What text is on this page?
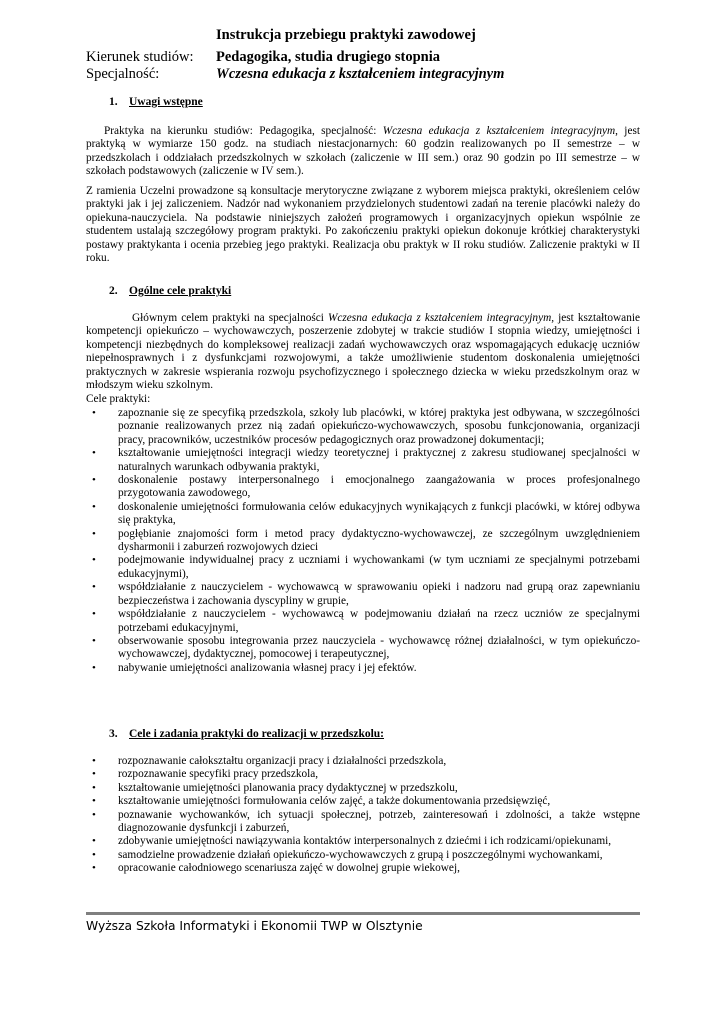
Instrukcja przebiegu praktyki zawodowej
Kierunek studiów: Pedagogika, studia drugiego stopnia
Specjalność:	Wczesna edukacja z kształceniem integracyjnym
1. Uwagi wstępne
Praktyka na kierunku studiów: Pedagogika, specjalność: Wczesna edukacja z kształceniem integracyjnym, jest praktyką w wymiarze 150 godz. na studiach niestacjonarnych: 60 godzin realizowanych po II semestrze – w przedszkolach i oddziałach przedszkolnych w szkołach (zaliczenie w III sem.) oraz 90 godzin po III semestrze – w szkołach podstawowych (zaliczenie w IV sem.).
Z ramienia Uczelni prowadzone są konsultacje merytoryczne związane z wyborem miejsca praktyki, określeniem celów praktyki jak i jej zaliczeniem. Nadzór nad wykonaniem przydzielonych studentowi zadań na terenie placówki należy do opiekuna-nauczyciela. Na podstawie niniejszych założeń programowych i organizacyjnych opiekun wspólnie ze studentem ustalają szczegółowy program praktyki. Po zakończeniu praktyki opiekun dokonuje krótkiej charakterystyki postawy praktykanta i ocenia przebieg jego praktyki. Realizacja obu praktyk w II roku studiów. Zaliczenie praktyki w II roku.
2. Ogólne cele praktyki
Głównym celem praktyki na specjalności Wczesna edukacja z kształceniem integracyjnym, jest kształtowanie kompetencji opiekuńczo – wychowawczych, poszerzenie zdobytej w trakcie studiów I stopnia wiedzy, umiejętności i kompetencji niezbędnych do kompleksowej realizacji zadań wychowawczych oraz wspomagających edukację uczniów niepełnosprawnych i z dysfunkcjami rozwojowymi, a także umożliwienie studentom doskonalenia umiejętności praktycznych w zakresie wspierania rozwoju psychofizycznego i społecznego dziecka w wieku przedszkolnym oraz w młodszym wieku szkolnym.
Cele praktyki:
• zapoznanie się ze specyfiką przedszkola, szkoły lub placówki, w której praktyka jest odbywana, w szczególności poznanie realizowanych przez nią zadań opiekuńczo-wychowawczych, sposobu funkcjonowania, organizacji pracy, pracowników, uczestników procesów pedagogicznych oraz prowadzonej dokumentacji;
• kształtowanie umiejętności integracji wiedzy teoretycznej i praktycznej z zakresu studiowanej specjalności w naturalnych warunkach odbywania praktyki,
• doskonalenie postawy interpersonalnego i emocjonalnego zaangażowania w proces profesjonalnego przygotowania zawodowego,
• doskonalenie umiejętności formułowania celów edukacyjnych wynikających z funkcji placówki, w której odbywa się praktyka,
• pogłębianie znajomości form i metod pracy dydaktyczno-wychowawczej, ze szczególnym uwzględnieniem dysharmonii i zaburzeń rozwojowych dzieci
• podejmowanie indywidualnej pracy z uczniami i wychowankami (w tym uczniami ze specjalnymi potrzebami edukacyjnymi),
• współdziałanie z nauczycielem - wychowawcą w sprawowaniu opieki i nadzoru nad grupą oraz zapewnianiu bezpieczeństwa i zachowania dyscypliny w grupie,
• współdziałanie z nauczycielem - wychowawcą w podejmowaniu działań na rzecz uczniów ze specjalnymi potrzebami edukacyjnymi,
• obserwowanie sposobu integrowania przez nauczyciela - wychowawcę różnej działalności, w tym opiekuńczo-wychowawczej, dydaktycznej, pomocowej i terapeutycznej,
• nabywanie umiejętności analizowania własnej pracy i jej efektów.
3. Cele i zadania praktyki do realizacji w przedszkolu:
• rozpoznawanie całokształtu organizacji pracy i działalności przedszkola,
• rozpoznawanie specyfiki pracy przedszkola,
• kształtowanie umiejętności planowania pracy dydaktycznej w przedszkolu,
• kształtowanie umiejętności formułowania celów zajęć, a także dokumentowania przedsięwzięć,
• poznawanie wychowanków, ich sytuacji społecznej, potrzeb, zainteresowań i zdolności, a także wstępne diagnozowanie dysfunkcji i zaburzeń,
• zdobywanie umiejętności nawiązywania kontaktów interpersonalnych z dziećmi i ich rodzicami/opiekunami,
• samodzielne prowadzenie działań opiekuńczo-wychowawczych z grupą i poszczególnymi wychowankami,
• opracowanie całodniowego scenariusza zajęć w dowolnej grupie wiekowej,
Wyższa Szkoła Informatyki i Ekonomii TWP w Olsztynie
